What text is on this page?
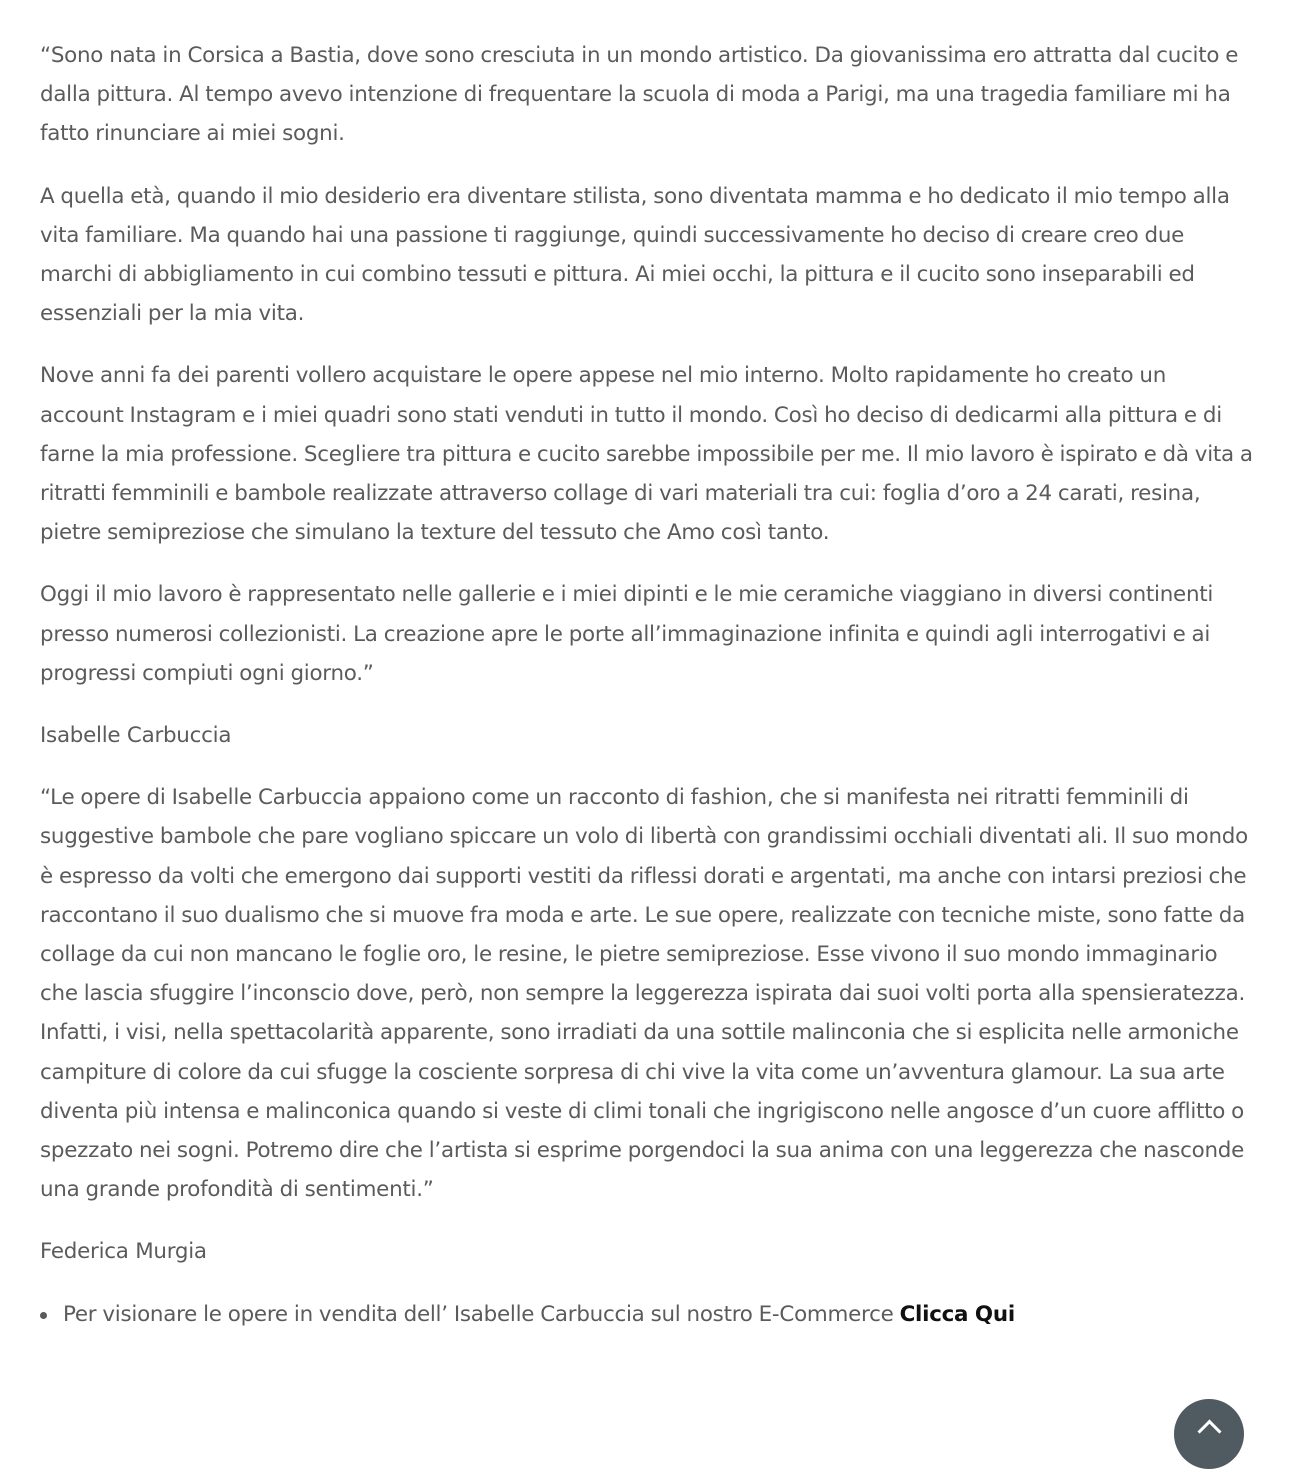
“Sono nata in Corsica a Bastia, dove sono cresciuta in un mondo artistico. Da giovanissima ero attratta dal cucito e dalla pittura. Al tempo avevo intenzione di frequentare la scuola di moda a Parigi, ma una tragedia familiare mi ha fatto rinunciare ai miei sogni.

A quella età, quando il mio desiderio era diventare stilista, sono diventata mamma e ho dedicato il mio tempo alla vita familiare. Ma quando hai una passione ti raggiunge, quindi successivamente ho deciso di creare creo due marchi di abbigliamento in cui combino tessuti e pittura. Ai miei occhi, la pittura e il cucito sono inseparabili ed essenziali per la mia vita.

Nove anni fa dei parenti vollero acquistare le opere appese nel mio interno. Molto rapidamente ho creato un account Instagram e i miei quadri sono stati venduti in tutto il mondo. Così ho deciso di dedicarmi alla pittura e di farne la mia professione. Scegliere tra pittura e cucito sarebbe impossibile per me. Il mio lavoro è ispirato e dà vita a ritratti femminili e bambole realizzate attraverso collage di vari materiali tra cui: foglia d’oro a 24 carati, resina, pietre semipreziose che simulano la texture del tessuto che Amo così tanto.

Oggi il mio lavoro è rappresentato nelle gallerie e i miei dipinti e le mie ceramiche viaggiano in diversi continenti presso numerosi collezionisti. La creazione apre le porte all’immaginazione infinita e quindi agli interrogativi e ai progressi compiuti ogni giorno.”

Isabelle Carbuccia

“Le opere di Isabelle Carbuccia appaiono come un racconto di fashion, che si manifesta nei ritratti femminili di suggestive bambole che pare vogliano spiccare un volo di libertà con grandissimi occhiali diventati ali. Il suo mondo è espresso da volti che emergono dai supporti vestiti da riflessi dorati e argentati, ma anche con intarsi preziosi che raccontano il suo dualismo che si muove fra moda e arte. Le sue opere, realizzate con tecniche miste, sono fatte da collage da cui non mancano le foglie oro, le resine, le pietre semipreziose. Esse vivono il suo mondo immaginario che lascia sfuggire l’inconscio dove, però, non sempre la leggerezza ispirata dai suoi volti porta alla spensieratezza. Infatti, i visi, nella spettacolarità apparente, sono irradiati da una sottile malinconia che si esplicita nelle armoniche campiture di colore da cui sfugge la cosciente sorpresa di chi vive la vita come un’avventura glamour. La sua arte diventa più intensa e malinconica quando si veste di climi tonali che ingrigiscono nelle angosce d’un cuore afflitto o spezzato nei sogni. Potremo dire che l’artista si esprime porgendoci la sua anima con una leggerezza che nasconde una grande profondità di sentimenti.”

Federica Murgia

Per visionare le opere in vendita dell’ Isabelle Carbuccia sul nostro E-Commerce Clicca Qui
